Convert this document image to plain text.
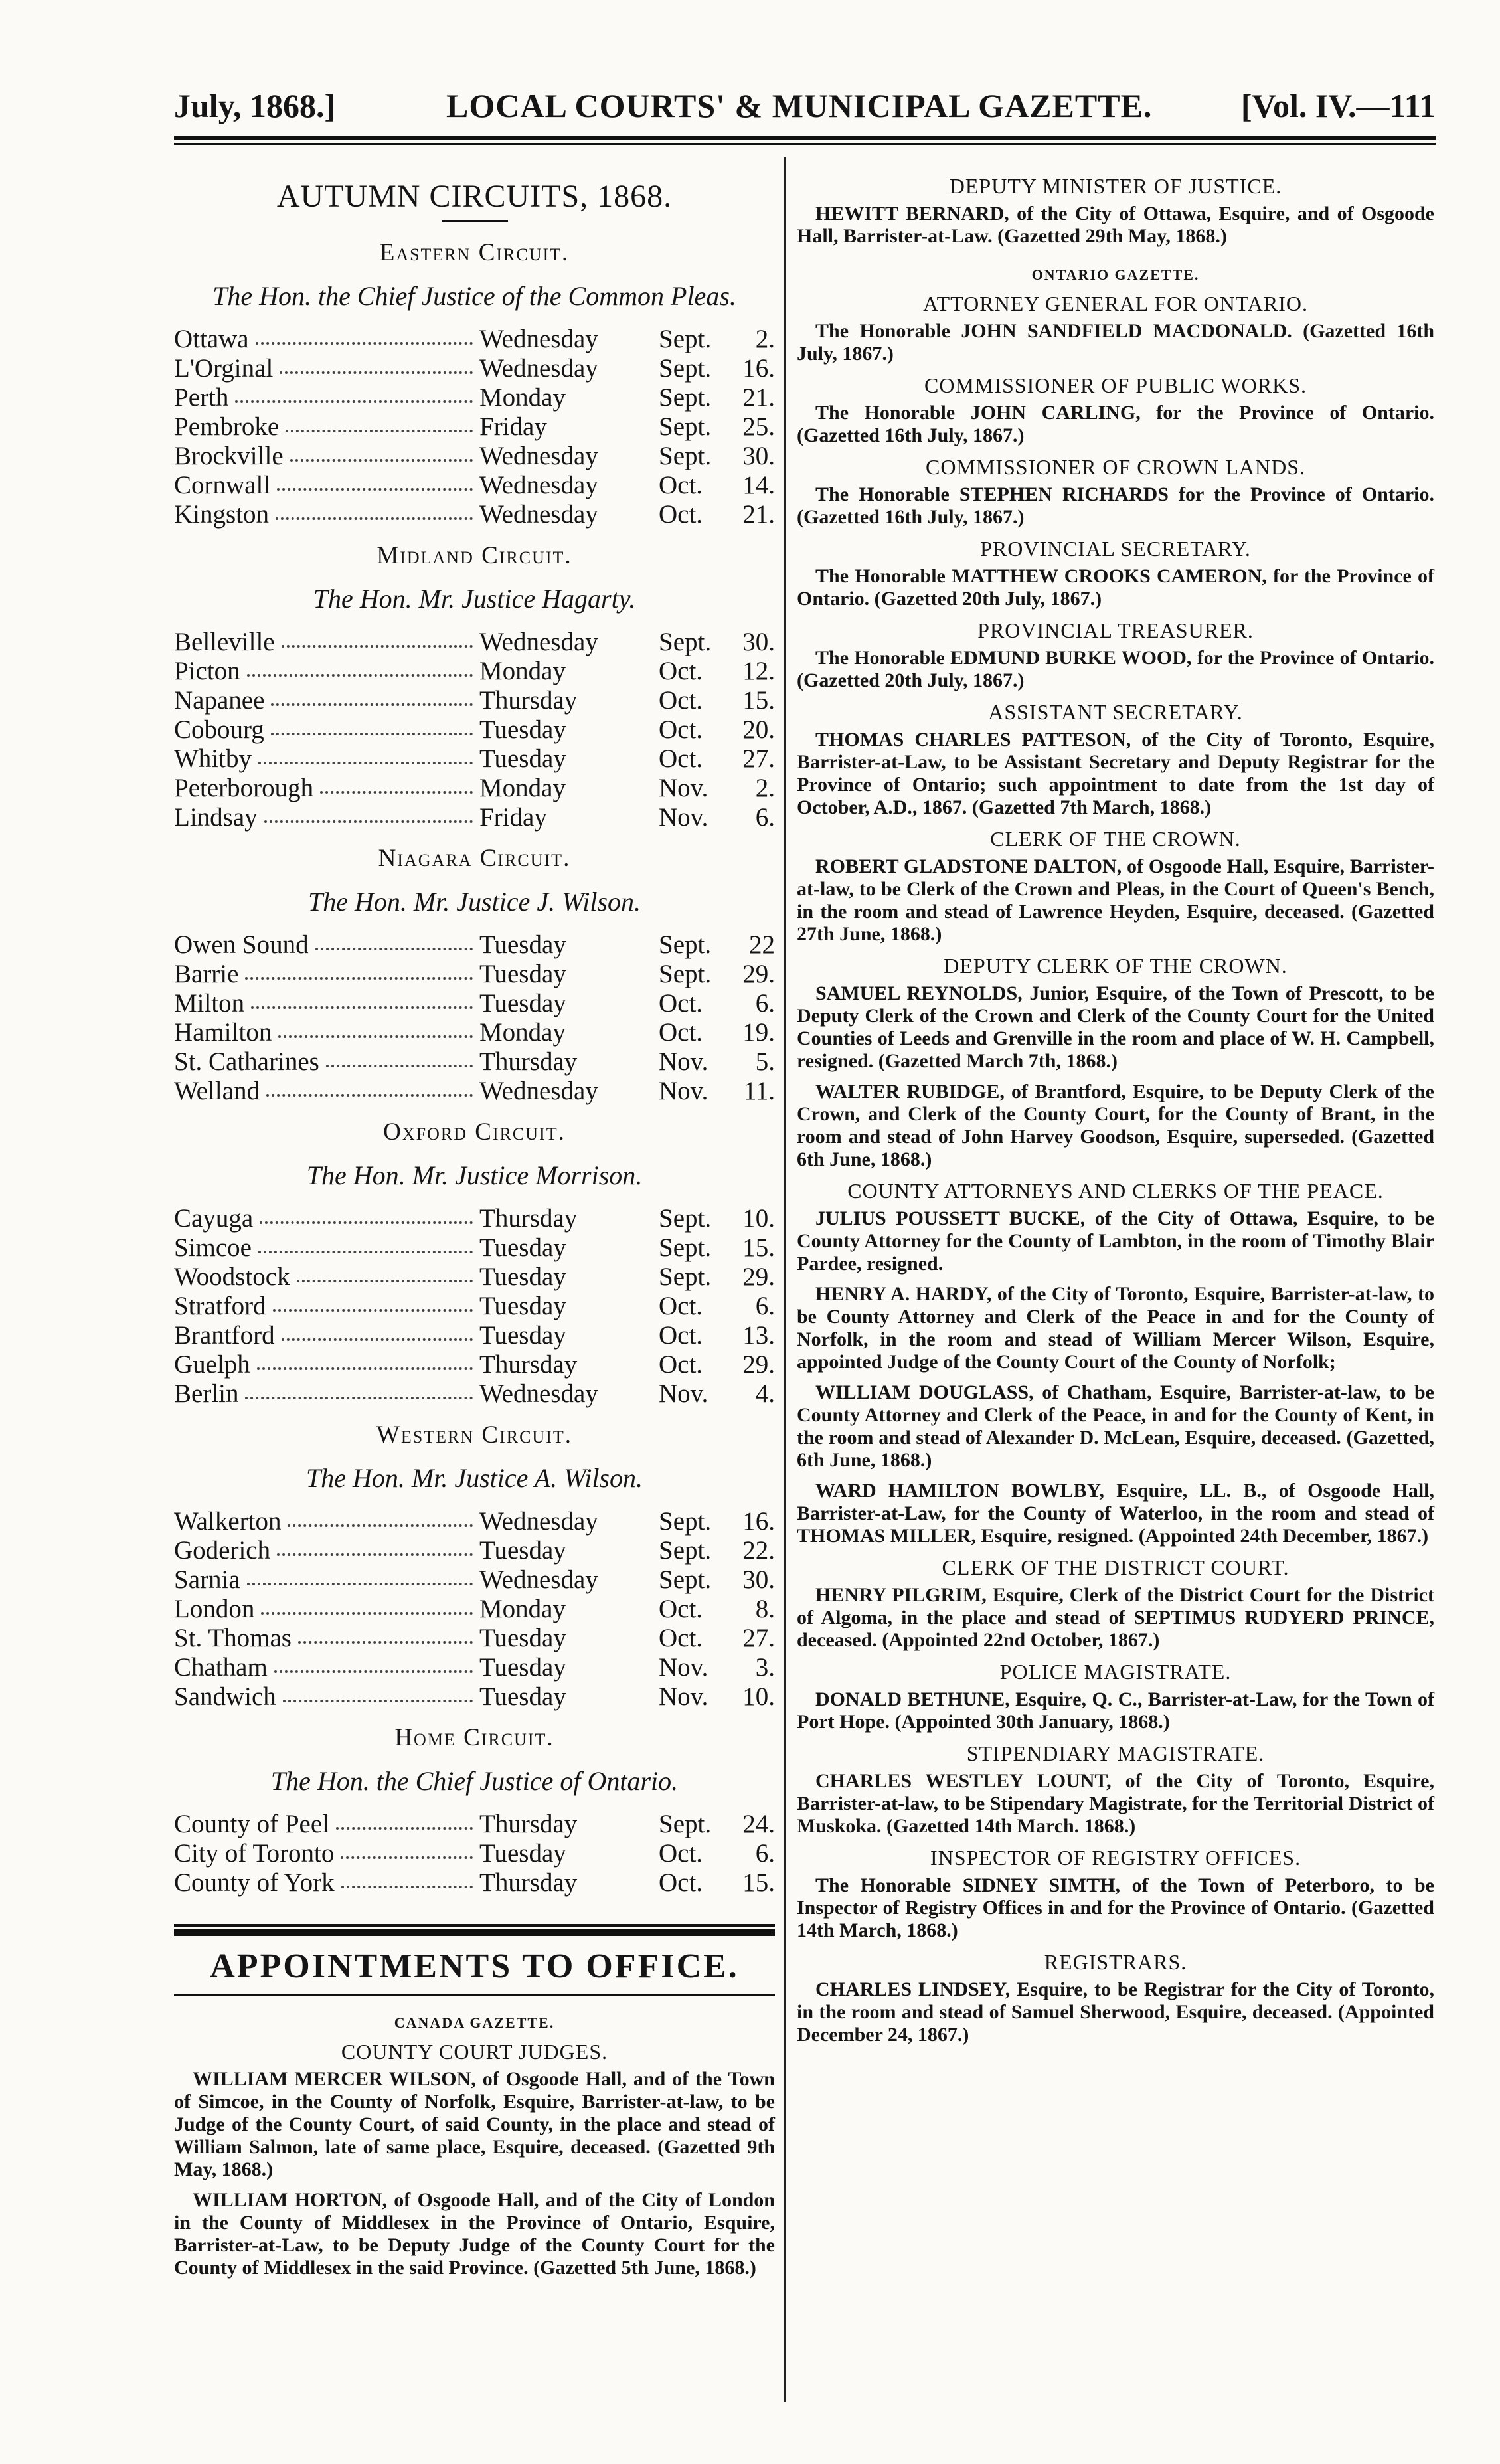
July, 1868.]	LOCAL COURTS' & MUNICIPAL GAZETTE.	[Vol. IV.—111
AUTUMN CIRCUITS, 1868.
Eastern Circuit.
The Hon. the Chief Justice of the Common Pleas.
Ottawa	Wednesday Sept. 2.
L'Orginal	Wednesday Sept. 16.
Perth	Monday	Sept. 21.
Pembroke	Friday	Sept. 25.
Brockville	Wednesday Sept. 30.
Cornwall	Wednesday Oct. 14.
Kingston	Wednesday Oct. 21.
Midland Circuit.
The Hon. Mr. Justice Hagarty.
Belleville	Wednesday Sept. 30.
Picton	Monday	Oct. 12.
Napanee	Thursday	Oct. 15.
Cobourg	Tuesday	Oct. 20.
Whitby	Tuesday	Oct. 27.
Peterborough	Monday	Nov. 2.
Lindsay	Friday	Nov. 6.
Niagara Circuit.
The Hon. Mr. Justice J. Wilson.
Owen Sound	Tuesday	Sept. 22
Barrie	Tuesday	Sept. 29.
Milton	Tuesday	Oct. 6.
Hamilton	Monday	Oct. 19.
St. Catharines	Thursday	Nov. 5.
Welland	Wednesday Nov. 11.
Oxford Circuit.
The Hon. Mr. Justice Morrison.
Cayuga	Thursday	Sept. 10.
Simcoe	Tuesday	Sept. 15.
Woodstock	Tuesday	Sept. 29.
Stratford	Tuesday	Oct. 6.
Brantford	Tuesday	Oct. 13.
Guelph	Thursday	Oct. 29.
Berlin	Wednesday Nov. 4.
Western Circuit.
The Hon. Mr. Justice A. Wilson.
Walkerton	Wednesday Sept. 16.
Goderich	Tuesday	Sept. 22.
Sarnia	Wednesday Sept. 30.
London	Monday	Oct. 8.
St. Thomas	Tuesday	Oct. 27.
Chatham	Tuesday	Nov. 3.
Sandwich	Tuesday	Nov. 10.
Home Circuit.
The Hon. the Chief Justice of Ontario.
County of Peel	Thursday	Sept. 24.
City of Toronto	Tuesday	Oct. 6.
County of York	Thursday	Oct. 15.
APPOINTMENTS TO OFFICE.
CANADA GAZETTE.
COUNTY COURT JUDGES.

WILLIAM MERCER WILSON, of Osgoode Hall, and of the Town of Simcoe, in the County of Norfolk, Esquire, Barrister-at-law, to be Judge of the County Court, of said County, in the place and stead of William Salmon, late of same place, Esquire, deceased. (Gazetted 9th May, 1868.)

WILLIAM HORTON, of Osgoode Hall, and of the City of London in the County of Middlesex in the Province of Ontario, Esquire, Barrister-at-Law, to be Deputy Judge of the County Court for the County of Middlesex in the said Province. (Gazetted 5th June, 1868.)

DEPUTY MINISTER OF JUSTICE.

HEWITT BERNARD, of the City of Ottawa, Esquire, and of Osgoode Hall, Barrister-at-Law. (Gazetted 29th May, 1868.)

ONTARIO GAZETTE.
ATTORNEY GENERAL FOR ONTARIO.

The Honorable JOHN SANDFIELD MACDONALD. (Gazetted 16th July, 1867.)

COMMISSIONER OF PUBLIC WORKS.

The Honorable JOHN CARLING, for the Province of Ontario. (Gazetted 16th July, 1867.)

COMMISSIONER OF CROWN LANDS.

The Honorable STEPHEN RICHARDS for the Province of Ontario. (Gazetted 16th July, 1867.)

PROVINCIAL SECRETARY.

The Honorable MATTHEW CROOKS CAMERON, for the Province of Ontario. (Gazetted 20th July, 1867.)

PROVINCIAL TREASURER.

The Honorable EDMUND BURKE WOOD, for the Province of Ontario. (Gazetted 20th July, 1867.)

ASSISTANT SECRETARY.

THOMAS CHARLES PATTESON, of the City of Toronto, Esquire, Barrister-at-Law, to be Assistant Secretary and Deputy Registrar for the Province of Ontario; such appointment to date from the 1st day of October, A.D., 1867. (Gazetted 7th March, 1868.)

CLERK OF THE CROWN.

ROBERT GLADSTONE DALTON, of Osgoode Hall, Esquire, Barrister-at-law, to be Clerk of the Crown and Pleas, in the Court of Queen's Bench, in the room and stead of Lawrence Heyden, Esquire, deceased. (Gazetted 27th June, 1868.)

DEPUTY CLERK OF THE CROWN.

SAMUEL REYNOLDS, Junior, Esquire, of the Town of Prescott, to be Deputy Clerk of the Crown and Clerk of the County Court for the United Counties of Leeds and Grenville in the room and place of W. H. Campbell, resigned. (Gazetted March 7th, 1868.)

WALTER RUBIDGE, of Brantford, Esquire, to be Deputy Clerk of the Crown, and Clerk of the County Court, for the County of Brant, in the room and stead of John Harvey Goodson, Esquire, superseded. (Gazetted 6th June, 1868.)

COUNTY ATTORNEYS AND CLERKS OF THE PEACE.

JULIUS POUSSETT BUCKE, of the City of Ottawa, Esquire, to be County Attorney for the County of Lambton, in the room of Timothy Blair Pardee, resigned.

HENRY A. HARDY, of the City of Toronto, Esquire, Barrister-at-law, to be County Attorney and Clerk of the Peace in and for the County of Norfolk, in the room and stead of William Mercer Wilson, Esquire, appointed Judge of the County Court of the County of Norfolk;

WILLIAM DOUGLASS, of Chatham, Esquire, Barrister-at-law, to be County Attorney and Clerk of the Peace, in and for the County of Kent, in the room and stead of Alexander D. McLean, Esquire, deceased. (Gazetted, 6th June, 1868.)

WARD HAMILTON BOWLBY, Esquire, LL. B., of Osgoode Hall, Barrister-at-Law, for the County of Waterloo, in the room and stead of THOMAS MILLER, Esquire, resigned. (Appointed 24th December, 1867.)

CLERK OF THE DISTRICT COURT.

HENRY PILGRIM, Esquire, Clerk of the District Court for the District of Algoma, in the place and stead of SEPTIMUS RUDYERD PRINCE, deceased. (Appointed 22nd October, 1867.)

POLICE MAGISTRATE.

DONALD BETHUNE, Esquire, Q. C., Barrister-at-Law, for the Town of Port Hope. (Appointed 30th January, 1868.)

STIPENDIARY MAGISTRATE.

CHARLES WESTLEY LOUNT, of the City of Toronto, Esquire, Barrister-at-law, to be Stipendary Magistrate, for the Territorial District of Muskoka. (Gazetted 14th March. 1868.)

INSPECTOR OF REGISTRY OFFICES.

The Honorable SIDNEY SIMTH, of the Town of Peterboro, to be Inspector of Registry Offices in and for the Province of Ontario. (Gazetted 14th March, 1868.)

REGISTRARS.

CHARLES LINDSEY, Esquire, to be Registrar for the City of Toronto, in the room and stead of Samuel Sherwood, Esquire, deceased. (Appointed December 24, 1867.)
